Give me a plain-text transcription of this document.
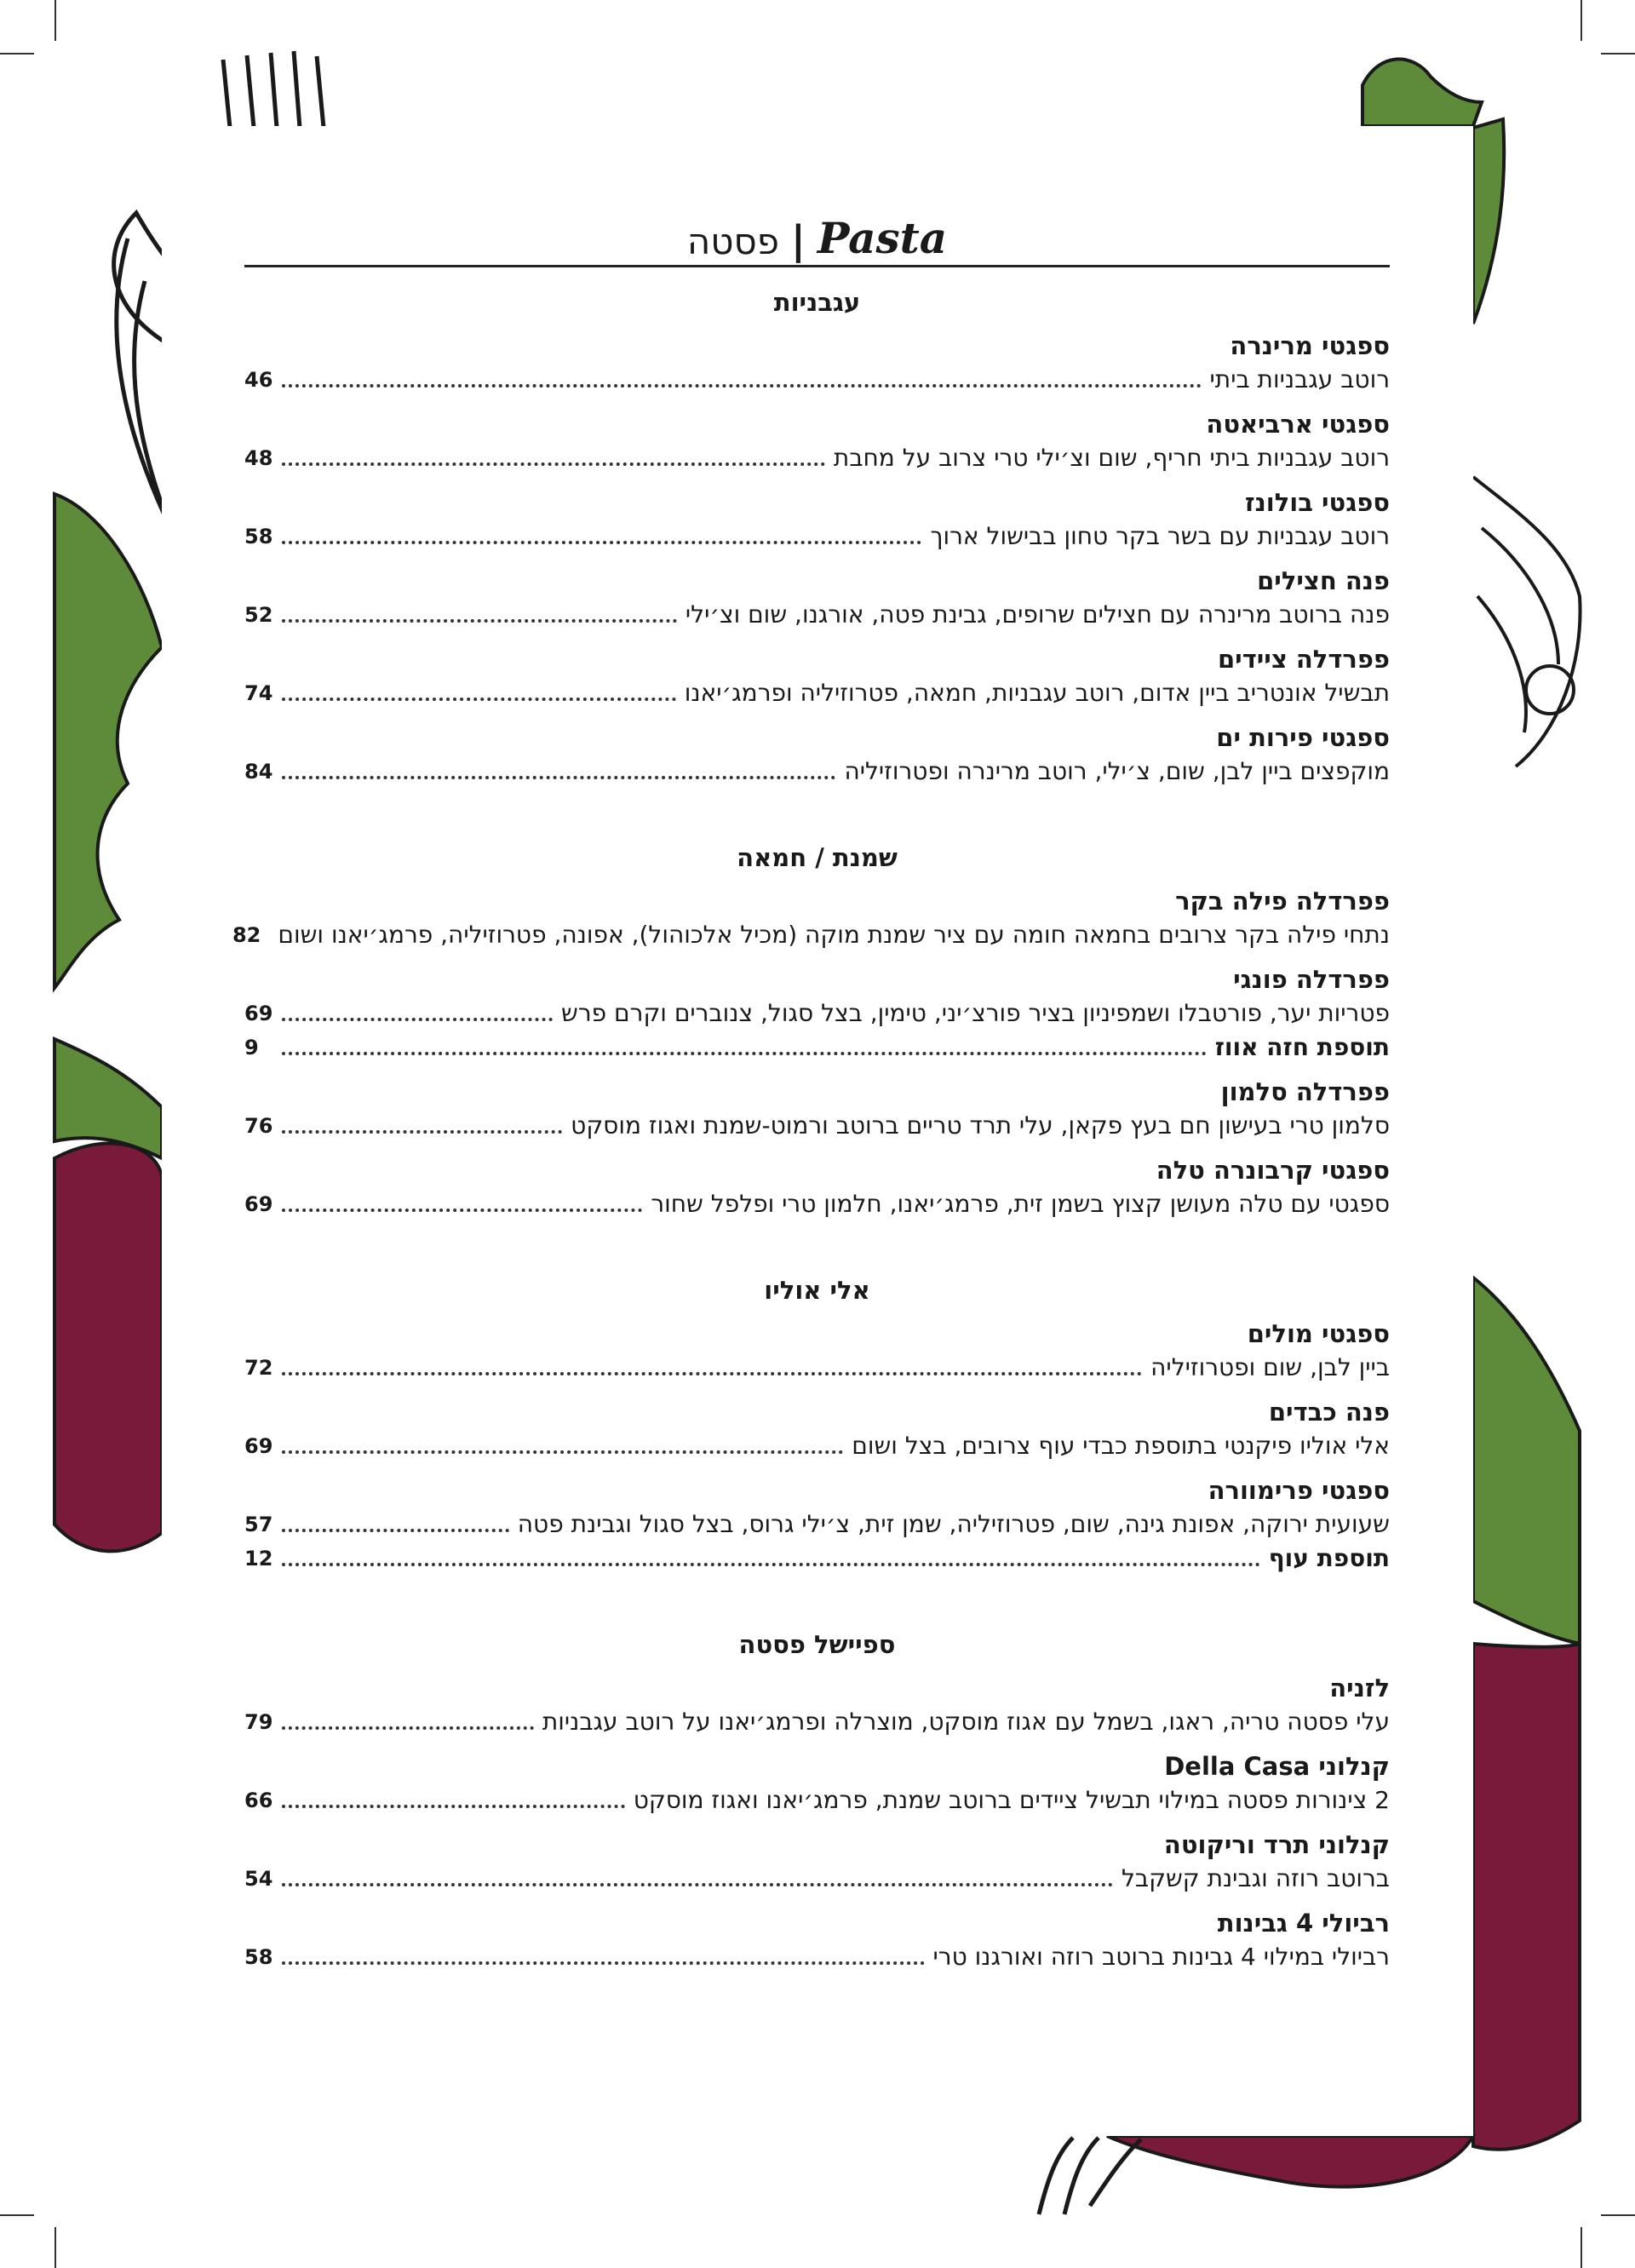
פסטה | Pasta
עגבניות
ספגטי מרינרה
רוטב עגבניות ביתי
46
ספגטי ארביאטה
רוטב עגבניות ביתי חריף, שום וצ׳ילי טרי צרוב על מחבת
48
ספגטי בולונז
רוטב עגבניות עם בשר בקר טחון בבישול ארוך
58
פנה חצילים
פנה ברוטב מרינרה עם חצילים שרופים, גבינת פטה, אורגנו, שום וצ׳ילי
52
פפרדלה ציידים
תבשיל אונטריב ביין אדום, רוטב עגבניות, חמאה, פטרוזיליה ופרמג׳יאנו
74
ספגטי פירות ים
מוקפצים ביין לבן, שום, צ׳ילי, רוטב מרינרה ופטרוזיליה
84
שמנת / חמאה
פפרדלה פילה בקר
נתחי פילה בקר צרובים בחמאה חומה עם ציר שמנת מוקה (מכיל אלכוהול), אפונה, פטרוזיליה, פרמג׳יאנו ושום
82
פפרדלה פונגי
פטריות יער, פורטבלו ושמפיניון בציר פורצ׳יני, טימין, בצל סגול, צנוברים וקרם פרש
69
תוספת חזה אווז
9
פפרדלה סלמון
סלמון טרי בעישון חם בעץ פקאן, עלי תרד טריים ברוטב ורמוט-שמנת ואגוז מוסקט
76
ספגטי קרבונרה טלה
ספגטי עם טלה מעושן קצוץ בשמן זית, פרמג׳יאנו, חלמון טרי ופלפל שחור
69
אלי אוליו
ספגטי מולים
ביין לבן, שום ופטרוזיליה
72
פנה כבדים
אלי אוליו פיקנטי בתוספת כבדי עוף צרובים, בצל ושום
69
ספגטי פרימוורה
שעועית ירוקה, אפונת גינה, שום, פטרוזיליה, שמן זית, צ׳ילי גרוס, בצל סגול וגבינת פטה
57
תוספת עוף
12
ספיישל פסטה
לזניה
עלי פסטה טריה, ראגו, בשמל עם אגוז מוסקט, מוצרלה ופרמג׳יאנו על רוטב עגבניות
79
קנלוני Della Casa
2 צינורות פסטה במילוי תבשיל ציידים ברוטב שמנת, פרמג׳יאנו ואגוז מוסקט
66
קנלוני תרד וריקוטה
ברוטב רוזה וגבינת קשקבל
54
רביולי 4 גבינות
רביולי במילוי 4 גבינות ברוטב רוזה ואורגנו טרי
58
